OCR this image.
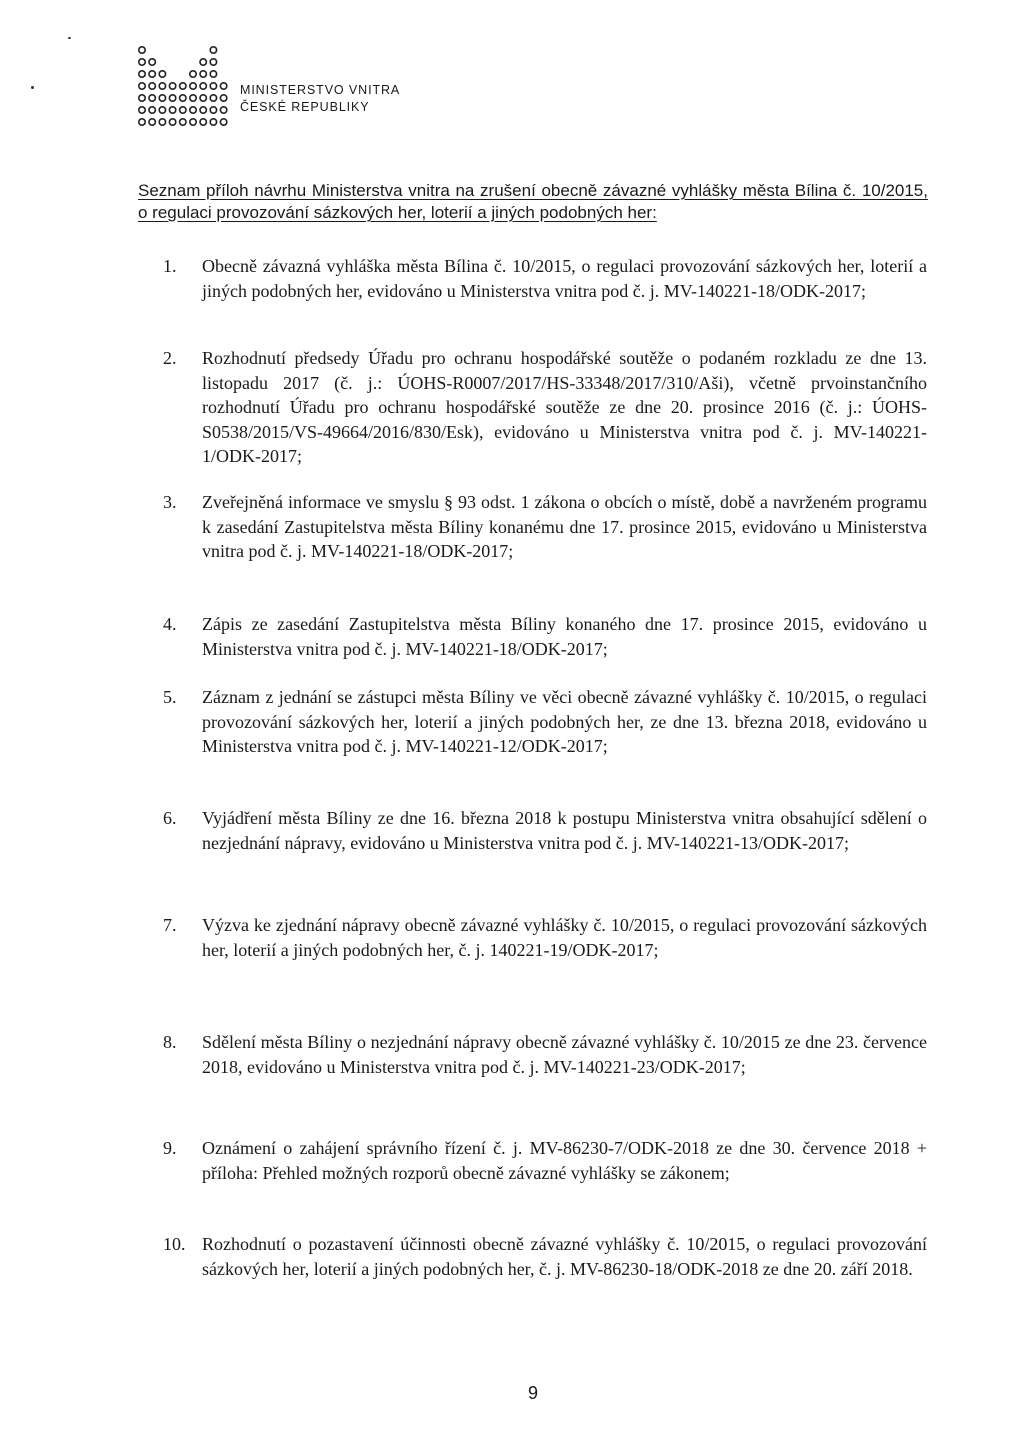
MINISTERSTVO VNITRA
ČESKÉ REPUBLIKY
Seznam příloh návrhu Ministerstva vnitra na zrušení obecně závazné vyhlášky města Bílina č. 10/2015, o regulaci provozování sázkových her, loterií a jiných podobných her:
1.	Obecně závazná vyhláška města Bílina č. 10/2015, o regulaci provozování sázkových her, loterií a jiných podobných her, evidováno u Ministerstva vnitra pod č. j. MV-140221-18/ODK-2017;
2.	Rozhodnutí předsedy Úřadu pro ochranu hospodářské soutěže o podaném rozkladu ze dne 13. listopadu 2017 (č. j.: ÚOHS-R0007/2017/HS-33348/2017/310/Aši), včetně prvoinstančního rozhodnutí Úřadu pro ochranu hospodářské soutěže ze dne 20. prosince 2016 (č. j.: ÚOHS-S0538/2015/VS-49664/2016/830/Esk), evidováno u Ministerstva vnitra pod č. j. MV-140221-1/ODK-2017;
3.	Zveřejněná informace ve smyslu § 93 odst. 1 zákona o obcích o místě, době a navrženém programu k zasedání Zastupitelstva města Bíliny konanému dne 17. prosince 2015, evidováno u Ministerstva vnitra pod č. j. MV-140221-18/ODK-2017;
4.	Zápis ze zasedání Zastupitelstva města Bíliny konaného dne 17. prosince 2015, evidováno u Ministerstva vnitra pod č. j. MV-140221-18/ODK-2017;
5.	Záznam z jednání se zástupci města Bíliny ve věci obecně závazné vyhlášky č. 10/2015, o regulaci provozování sázkových her, loterií a jiných podobných her, ze dne 13. března 2018, evidováno u Ministerstva vnitra pod č. j. MV-140221-12/ODK-2017;
6.	Vyjádření města Bíliny ze dne 16. března 2018 k postupu Ministerstva vnitra obsahující sdělení o nezjednání nápravy, evidováno u Ministerstva vnitra pod č. j. MV-140221-13/ODK-2017;
7.	Výzva ke zjednání nápravy obecně závazné vyhlášky č. 10/2015, o regulaci provozování sázkových her, loterií a jiných podobných her, č. j. 140221-19/ODK-2017;
8.	Sdělení města Bíliny o nezjednání nápravy obecně závazné vyhlášky č. 10/2015 ze dne 23. července 2018, evidováno u Ministerstva vnitra pod č. j. MV-140221-23/ODK-2017;
9.	Oznámení o zahájení správního řízení č. j. MV-86230-7/ODK-2018 ze dne 30. července 2018 + příloha: Přehled možných rozporů obecně závazné vyhlášky se zákonem;
10. Rozhodnutí o pozastavení účinnosti obecně závazné vyhlášky č. 10/2015, o regulaci provozování sázkových her, loterií a jiných podobných her, č. j. MV-86230-18/ODK-2018 ze dne 20. září 2018.
9
